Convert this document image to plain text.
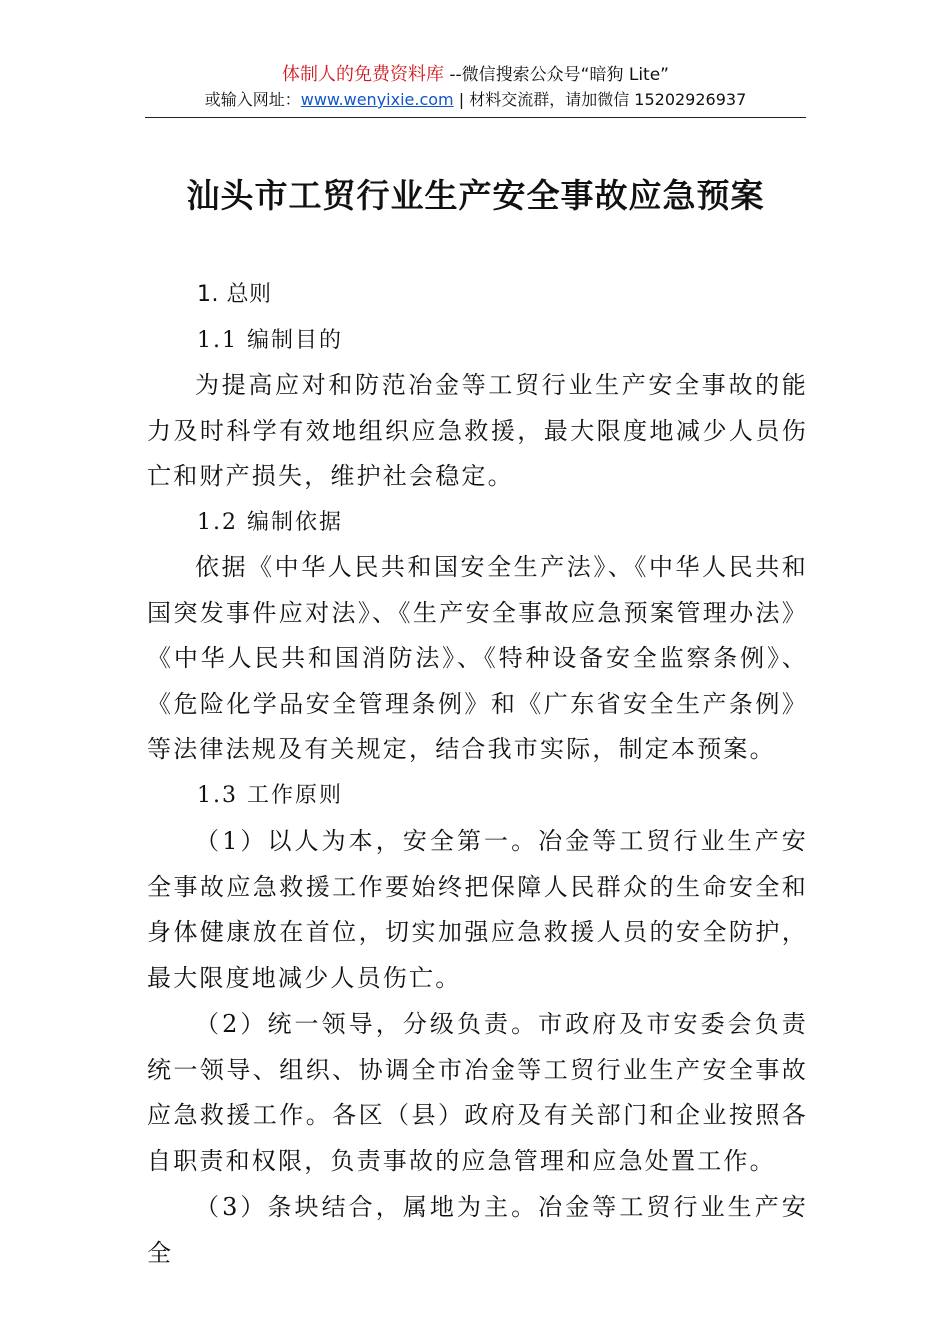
体制人的免费资料库 --微信搜索公众号“暗狗 Lite”
或输入网址：www.wenyixie.com | 材料交流群，请加微信 15202926937
汕头市工贸行业生产安全事故应急预案

1. 总则

1.1 编制目的

为提高应对和防范冶金等工贸行业生产安全事故的能力及时科学有效地组织应急救援，最大限度地减少人员伤亡和财产损失，维护社会稳定。

1.2 编制依据

依据《中华人民共和国安全生产法》、《中华人民共和国突发事件应对法》、《生产安全事故应急预案管理办法》《中华人民共和国消防法》、《特种设备安全监察条例》、《危险化学品安全管理条例》和《广东省安全生产条例》等法律法规及有关规定，结合我市实际，制定本预案。

1.3 工作原则

（1）以人为本，安全第一。冶金等工贸行业生产安全事故应急救援工作要始终把保障人民群众的生命安全和身体健康放在首位，切实加强应急救援人员的安全防护，最大限度地减少人员伤亡。

（2）统一领导，分级负责。市政府及市安委会负责统一领导、组织、协调全市冶金等工贸行业生产安全事故应急救援工作。各区（县）政府及有关部门和企业按照各自职责和权限，负责事故的应急管理和应急处置工作。

（3）条块结合，属地为主。冶金等工贸行业生产安全
